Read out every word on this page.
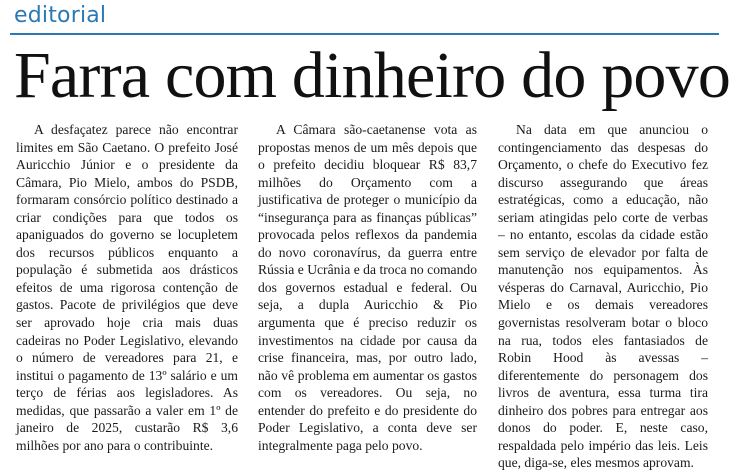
editorial
Farra com dinheiro do povo

A desfaçatez parece não encontrar limites em São Caetano. O prefeito José Auricchio Júnior e o presidente da Câmara, Pio Mielo, ambos do PSDB, formaram consórcio político destinado a criar condições para que todos os apaniguados do governo se locupletem dos recursos públicos enquanto a população é submetida aos drásticos efeitos de uma rigorosa contenção de gastos. Pacote de privilégios que deve ser aprovado hoje cria mais duas cadeiras no Poder Legislativo, elevando o número de vereadores para 21, e institui o pagamento de 13º salário e um terço de férias aos legisladores. As medidas, que passarão a valer em 1º de janeiro de 2025, custarão R$ 3,6 milhões por ano para o contribuinte.

A Câmara são-caetanense vota as propostas menos de um mês depois que o prefeito decidiu bloquear R$ 83,7 milhões do Orçamento com a justificativa de proteger o município da “insegurança para as finanças públicas” provocada pelos reflexos da pandemia do novo coronavírus, da guerra entre Rússia e Ucrânia e da troca no comando dos governos estadual e federal. Ou seja, a dupla Auricchio & Pio argumenta que é preciso reduzir os investimentos na cidade por causa da crise financeira, mas, por outro lado, não vê problema em aumentar os gastos com os vereadores. Ou seja, no entender do prefeito e do presidente do Poder Legislativo, a conta deve ser integralmente paga pelo povo.

Na data em que anunciou o contingenciamento das despesas do Orçamento, o chefe do Executivo fez discurso assegurando que áreas estratégicas, como a educação, não seriam atingidas pelo corte de verbas – no entanto, escolas da cidade estão sem serviço de elevador por falta de manutenção nos equipamentos. Às vésperas do Carnaval, Auricchio, Pio Mielo e os demais vereadores governistas resolveram botar o bloco na rua, todos eles fantasiados de Robin Hood às avessas – diferentemente do personagem dos livros de aventura, essa turma tira dinheiro dos pobres para entregar aos donos do poder. E, neste caso, respaldada pelo império das leis. Leis que, diga-se, eles mesmos aprovam.
